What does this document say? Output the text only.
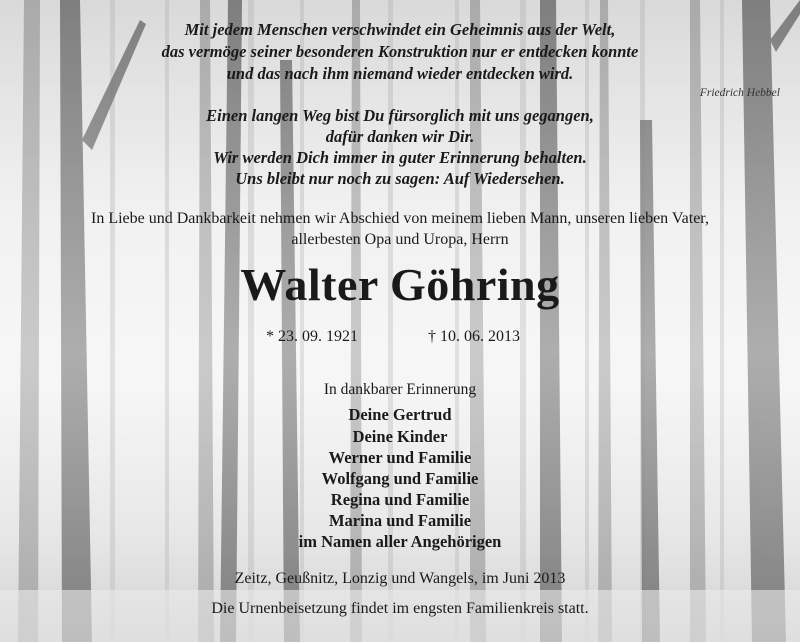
Mit jedem Menschen verschwindet ein Geheimnis aus der Welt,
das vermöge seiner besonderen Konstruktion nur er entdecken konnte
und das nach ihm niemand wieder entdecken wird.
Friedrich Hebbel
Einen langen Weg bist Du fürsorglich mit uns gegangen,
dafür danken wir Dir.
Wir werden Dich immer in guter Erinnerung behalten.
Uns bleibt nur noch zu sagen: Auf Wiedersehen.
In Liebe und Dankbarkeit nehmen wir Abschied von meinem lieben Mann, unseren lieben Vater,
allerbesten Opa und Uropa, Herrn
Walter Göhring
* 23. 09. 1921	† 10. 06. 2013
In dankbarer Erinnerung
Deine Gertrud
Deine Kinder
Werner und Familie
Wolfgang und Familie
Regina und Familie
Marina und Familie
im Namen aller Angehörigen
Zeitz, Geußnitz, Lonzig und Wangels, im Juni 2013
Die Urnenbeisetzung findet im engsten Familienkreis statt.
